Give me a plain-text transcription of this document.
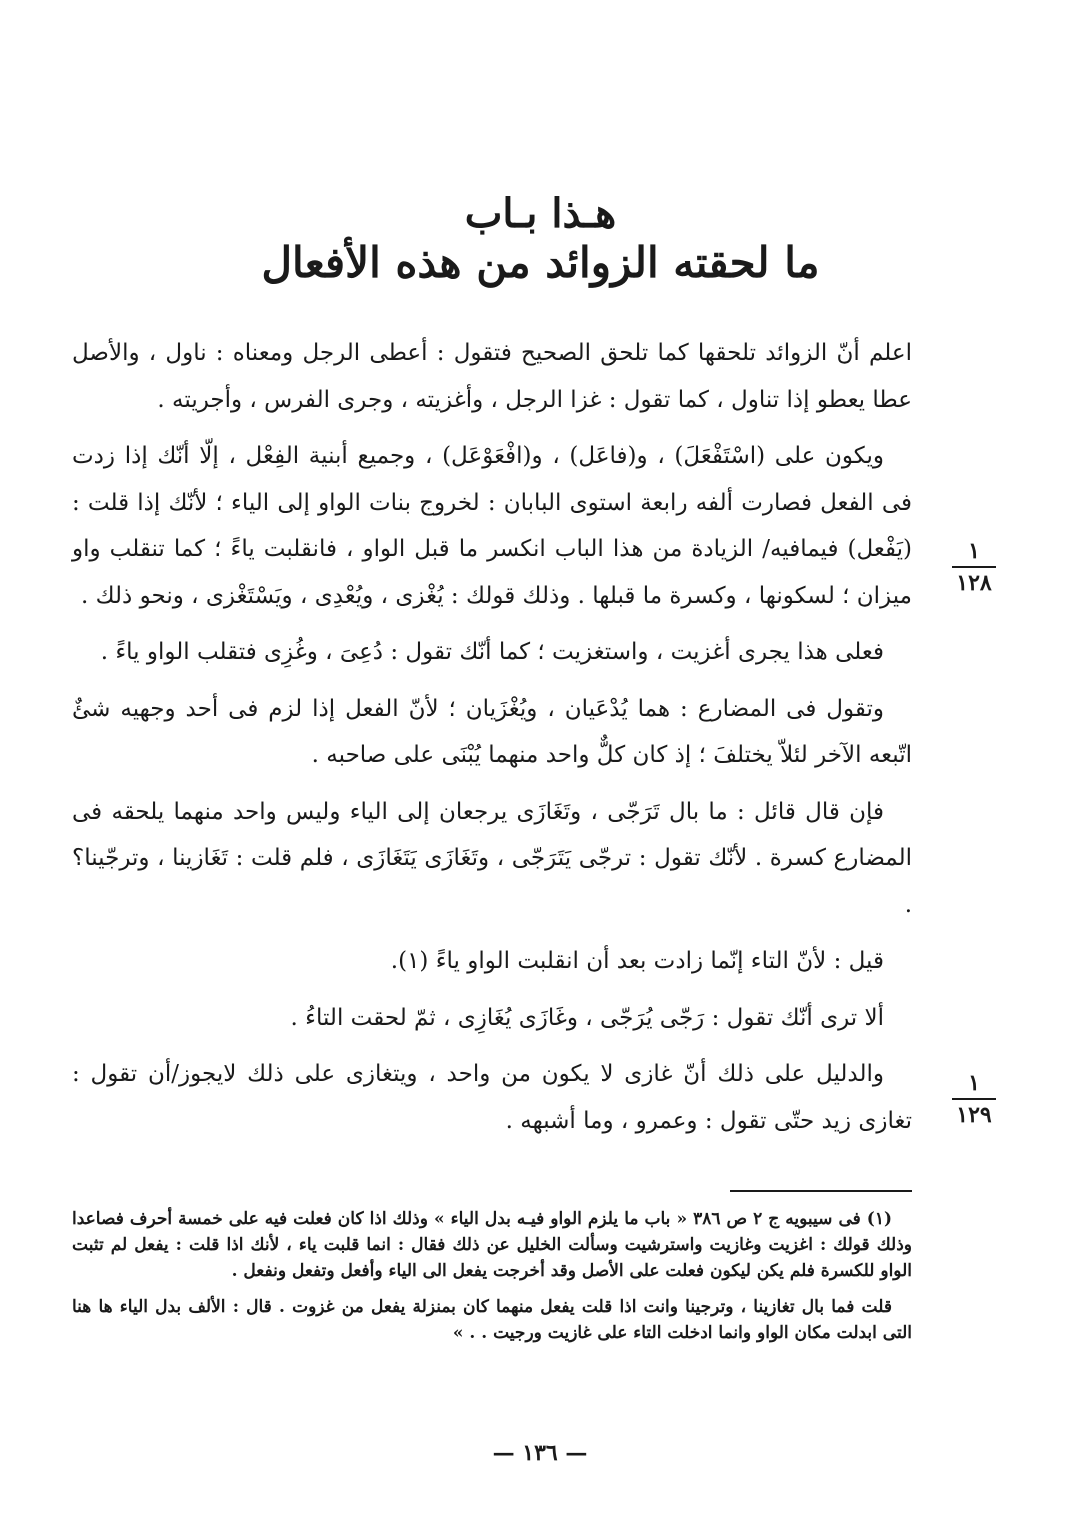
هـذا بـاب
ما لحقته الزوائد من هذه الأفعال

اعلم أنّ الزوائد تلحقها كما تلحق الصحيح فتقول : أعطى الرجل ومعناه : ناول ، والأصل عطا يعطو إذا تناول ، كما تقول : غزا الرجل ، وأغزيته ، وجرى الفرس ، وأجريته .

ويكون على (اسْتَفْعَلَ) ، و(فاعَل) ، و(افْعَوْعَل) ، وجميع أبنية الفِعْل ، إلّا أنّك إذا زدت فى الفعل فصارت ألفه رابعة استوى البابان : لخروج بنات الواو إلى الياء ؛ لأنّك إذا قلت : (يَفْعل) فيمافيه/ الزيادة من هذا الباب انكسر ما قبل الواو ، فانقلبت ياءً ؛ كما تنقلب واو ميزان ؛ لسكونها ، وكسرة ما قبلها . وذلك قولك : يُغْزى ، ويُعْدِى ، ويَسْتَغْزى ، ونحو ذلك .

فعلى هذا يجرى أغزيت ، واستغزيت ؛ كما أنّك تقول : دُعِىَ ، وغُزِى فتقلب الواو ياءً .

وتقول فى المضارع : هما يُدْعَيان ، ويُغْزَيان ؛ لأنّ الفعل إذا لزم فى أحد وجهيه شئٌ اتّبعه الآخر لئلاّ يختلفَ ؛ إذ كان كلٌّ واحد منهما يُبْنَى على صاحبه .

فإن قال قائل : ما بال تَرَجّى ، وتَغَازَى يرجعان إلى الياء وليس واحد منهما يلحقه فى المضارع كسرة . لأنّك تقول : ترجّى يَتَرَجّى ، وتَغَازَى يَتَغَازَى ، فلم قلت : تَغَازينا ، وترجّينا؟ .

قيل : لأنّ التاء إنّما زادت بعد أن انقلبت الواو ياءً (١).

ألا ترى أنّك تقول : رَجّى يُرَجّى ، وغَازَى يُغَازِى ، ثمّ لحقت التاءُ .

والدليل على ذلك أنّ غازى لا يكون من واحد ، ويتغازى على ذلك لايجوز/أن تقول : تغازى زيد حتّى تقول : وعمرو ، وما أشبهه .

١
١٢٨
١
١٢٩

(١) فى سيبويه ج ٢ ص ٣٨٦ « باب ما يلزم الواو فيـه بدل الياء » وذلك اذا كان فعلت فيه على خمسة أحرف فصاعدا وذلك قولك : اغزيت وغازيت واسترشيت وسألت الخليل عن ذلك فقال : انما قلبت ياء ، لأنك اذا قلت : يفعل لم تثبت الواو للكسرة فلم يكن ليكون فعلت على الأصل وقد أخرجت يفعل الى الياء وأفعل وتفعل ونفعل .

قلت فما بال تغازينا ، وترجينا وانت اذا قلت يفعل منهما كان بمنزلة يفعل من غزوت . قال : الألف بدل الياء ها هنا التى ابدلت مكان الواو وانما ادخلت التاء على غازيت ورجيت . . »

— ١٣٦ —
